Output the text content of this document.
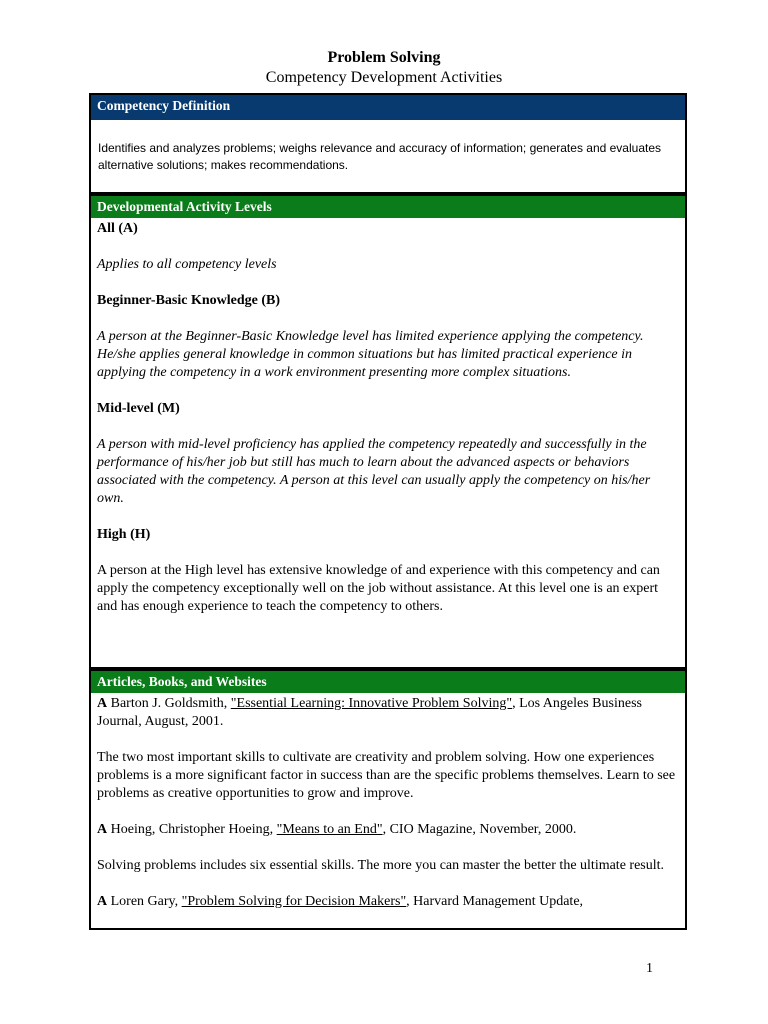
Problem Solving
Competency Development Activities
Competency Definition
Identifies and analyzes problems; weighs relevance and accuracy of information; generates and evaluates alternative solutions; makes recommendations.
Developmental Activity Levels

All (A)

Applies to all competency levels

Beginner-Basic Knowledge (B)

A person at the Beginner-Basic Knowledge level has limited experience applying the competency. He/she applies general knowledge in common situations but has limited practical experience in applying the competency in a work environment presenting more complex situations.

Mid-level (M)

A person with mid-level proficiency has applied the competency repeatedly and successfully in the performance of his/her job but still has much to learn about the advanced aspects or behaviors associated with the competency. A person at this level can usually apply the competency on his/her own.

High (H)

A person at the High level has extensive knowledge of and experience with this competency and can apply the competency exceptionally well on the job without assistance. At this level one is an expert and has enough experience to teach the competency to others.

Articles, Books, and Websites

A Barton J. Goldsmith, "Essential Learning: Innovative Problem Solving", Los Angeles Business Journal, August, 2001.

The two most important skills to cultivate are creativity and problem solving. How one experiences problems is a more significant factor in success than are the specific problems themselves. Learn to see problems as creative opportunities to grow and improve.

A Hoeing, Christopher Hoeing, "Means to an End", CIO Magazine, November, 2000.

Solving problems includes six essential skills. The more you can master the better the ultimate result.

A Loren Gary, "Problem Solving for Decision Makers", Harvard Management Update,

1
